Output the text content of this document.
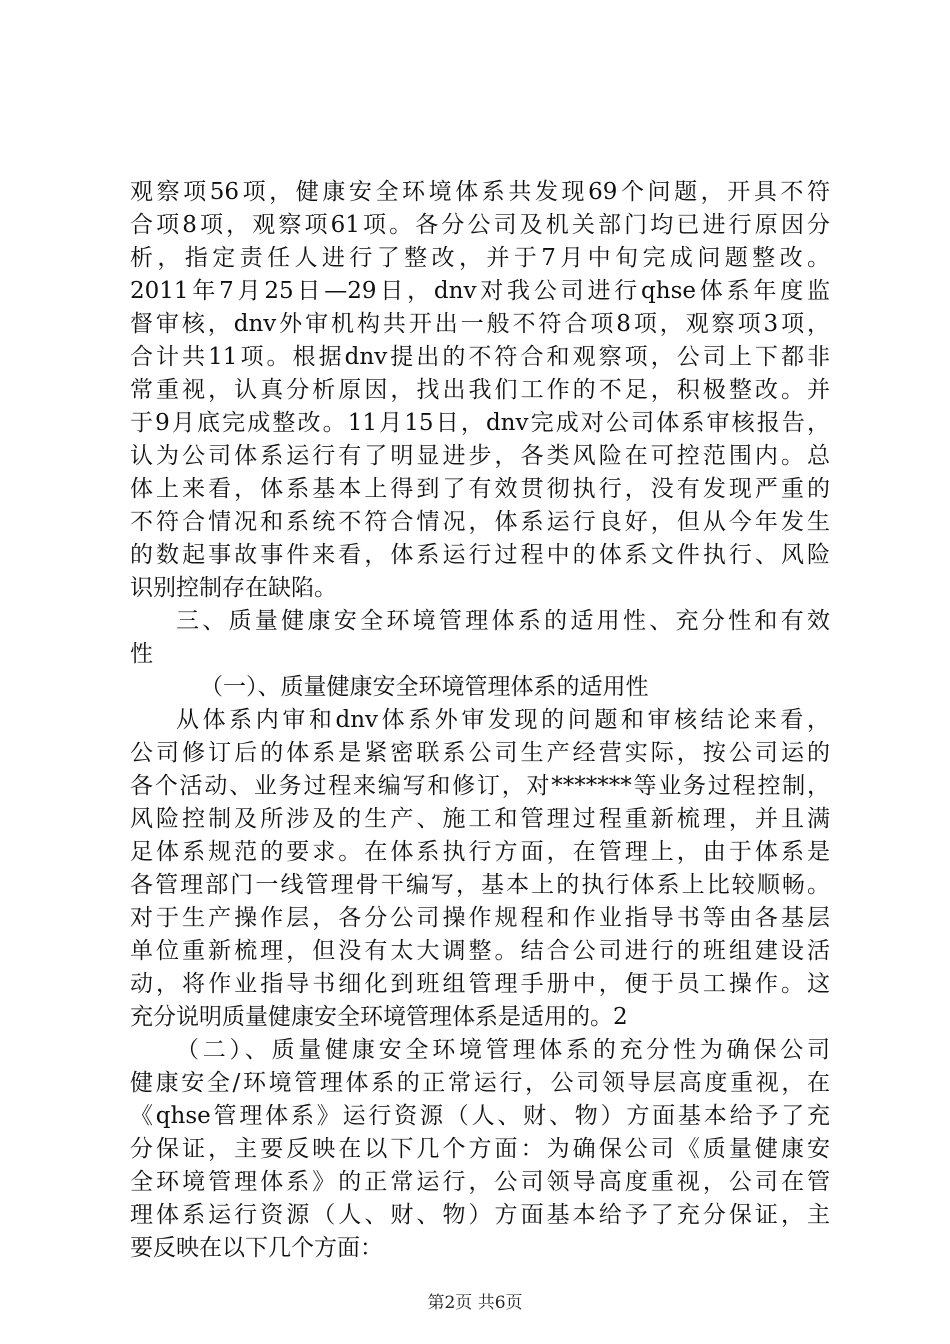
观察项56项，健康安全环境体系共发现69个问题，开具不符
合项8项，观察项61项。各分公司及机关部门均已进行原因分
析，指定责任人进行了整改，并于7月中旬完成问题整改。
2011年7月25日—29日，dnv对我公司进行qhse体系年度监
督审核，dnv外审机构共开出一般不符合项8项，观察项3项，
合计共11项。根据dnv提出的不符合和观察项，公司上下都非
常重视，认真分析原因，找出我们工作的不足，积极整改。并
于9月底完成整改。11月15日，dnv完成对公司体系审核报告，
认为公司体系运行有了明显进步，各类风险在可控范围内。总
体上来看，体系基本上得到了有效贯彻执行，没有发现严重的
不符合情况和系统不符合情况，体系运行良好，但从今年发生
的数起事故事件来看，体系运行过程中的体系文件执行、风险
识别控制存在缺陷。
三、质量健康安全环境管理体系的适用性、充分性和有效
性
（一）、质量健康安全环境管理体系的适用性
从体系内审和dnv体系外审发现的问题和审核结论来看，
公司修订后的体系是紧密联系公司生产经营实际，按公司运的
各个活动、业务过程来编写和修订，对*******等业务过程控制，
风险控制及所涉及的生产、施工和管理过程重新梳理，并且满
足体系规范的要求。在体系执行方面，在管理上，由于体系是
各管理部门一线管理骨干编写，基本上的执行体系上比较顺畅。
对于生产操作层，各分公司操作规程和作业指导书等由各基层
单位重新梳理，但没有太大调整。结合公司进行的班组建设活
动，将作业指导书细化到班组管理手册中，便于员工操作。这
充分说明质量健康安全环境管理体系是适用的。2
（二）、质量健康安全环境管理体系的充分性为确保公司
健康安全/环境管理体系的正常运行，公司领导层高度重视，在
《qhse管理体系》运行资源（人、财、物）方面基本给予了充
分保证，主要反映在以下几个方面：为确保公司《质量健康安
全环境管理体系》的正常运行，公司领导高度重视，公司在管
理体系运行资源（人、财、物）方面基本给予了充分保证，主
要反映在以下几个方面：
第2页 共6页
